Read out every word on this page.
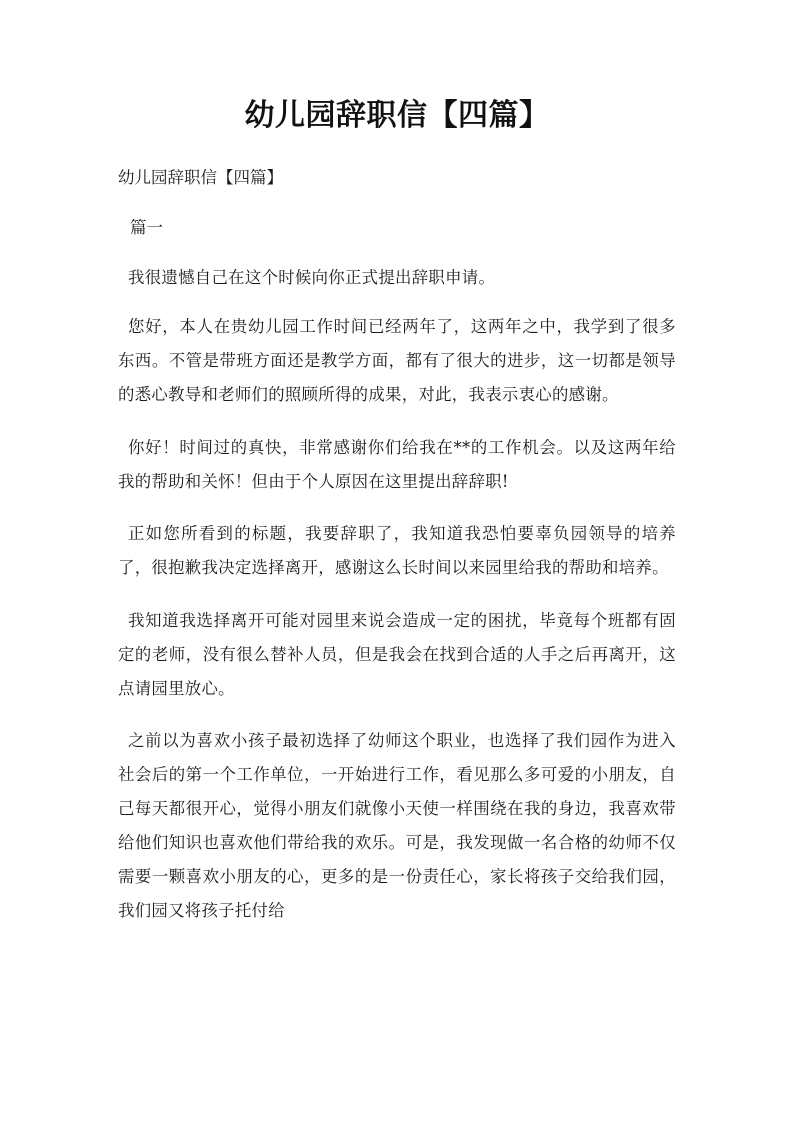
幼儿园辞职信【四篇】
幼儿园辞职信【四篇】
篇一

我很遗憾自己在这个时候向你正式提出辞职申请。

您好，本人在贵幼儿园工作时间已经两年了，这两年之中，我学到了很多东西。不管是带班方面还是教学方面，都有了很大的进步，这一切都是领导的悉心教导和老师们的照顾所得的成果，对此，我表示衷心的感谢。

你好！时间过的真快，非常感谢你们给我在**的工作机会。以及这两年给我的帮助和关怀！但由于个人原因在这里提出辞辞职!

正如您所看到的标题，我要辞职了，我知道我恐怕要辜负园领导的培养了，很抱歉我决定选择离开，感谢这么长时间以来园里给我的帮助和培养。

我知道我选择离开可能对园里来说会造成一定的困扰，毕竟每个班都有固定的老师，没有很么替补人员，但是我会在找到合适的人手之后再离开，这点请园里放心。

之前以为喜欢小孩子最初选择了幼师这个职业，也选择了我们园作为进入社会后的第一个工作单位，一开始进行工作，看见那么多可爱的小朋友，自己每天都很开心，觉得小朋友们就像小天使一样围绕在我的身边，我喜欢带给他们知识也喜欢他们带给我的欢乐。可是，我发现做一名合格的幼师不仅需要一颗喜欢小朋友的心，更多的是一份责任心，家长将孩子交给我们园，我们园又将孩子托付给
